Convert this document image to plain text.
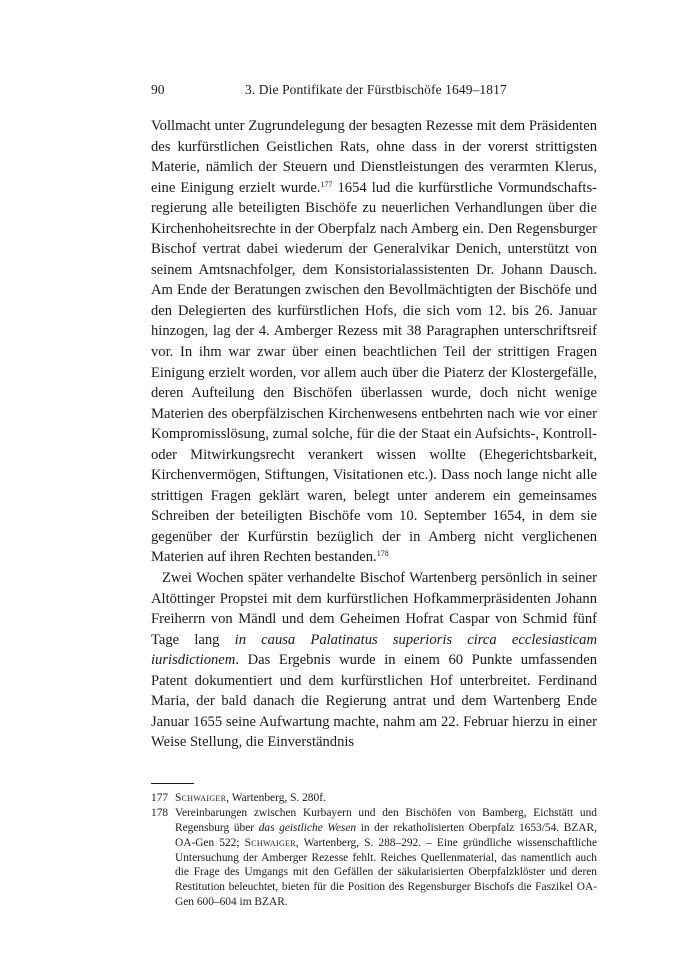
90	3. Die Pontifikate der Fürstbischöfe 1649–1817

Vollmacht unter Zugrundelegung der besagten Rezesse mit dem Präsidenten des kurfürstlichen Geistlichen Rats, ohne dass in der vorerst strittigsten Materie, nämlich der Steuern und Dienstleistungen des verarmten Klerus, eine Einigung erzielt wurde.$^{177}$ 1654 lud die kurfürstliche Vormundschaftsregierung alle beteiligten Bischöfe zu neuerlichen Verhandlungen über die Kirchenhoheitsrechte in der Oberpfalz nach Amberg ein. Den Regensburger Bischof vertrat dabei wiederum der Generalvikar Denich, unterstützt von seinem Amtsnachfolger, dem Konsistorialassistenten Dr. Johann Dausch. Am Ende der Beratungen zwischen den Bevollmächtigten der Bischöfe und den Delegierten des kurfürstlichen Hofs, die sich vom 12. bis 26. Januar hinzogen, lag der 4. Amberger Rezess mit 38 Paragraphen unterschriftsreif vor. In ihm war zwar über einen beachtlichen Teil der strittigen Fragen Einigung erzielt worden, vor allem auch über die Piaterz der Klostergefälle, deren Aufteilung den Bischöfen überlassen wurde, doch nicht wenige Materien des oberpfälzischen Kirchenwesens entbehrten nach wie vor einer Kompromisslösung, zumal solche, für die der Staat ein Aufsichts-, Kontroll- oder Mitwirkungsrecht verankert wissen wollte (Ehegerichtsbarkeit, Kirchenvermögen, Stiftungen, Visitationen etc.). Dass noch lange nicht alle strittigen Fragen geklärt waren, belegt unter anderem ein gemeinsames Schreiben der beteiligten Bischöfe vom 10. September 1654, in dem sie gegenüber der Kurfürstin bezüglich der in Amberg nicht verglichenen Materien auf ihren Rechten bestanden.$^{178}$

Zwei Wochen später verhandelte Bischof Wartenberg persönlich in seiner Altöttinger Propstei mit dem kurfürstlichen Hofkammerpräsidenten Johann Freiherrn von Mändl und dem Geheimen Hofrat Caspar von Schmid fünf Tage lang in causa Palatinatus superioris circa ecclesiasticam iurisdictionem. Das Ergebnis wurde in einem 60 Punkte umfassenden Patent dokumentiert und dem kurfürstlichen Hof unterbreitet. Ferdinand Maria, der bald danach die Regierung antrat und dem Wartenberg Ende Januar 1655 seine Aufwartung machte, nahm am 22. Februar hierzu in einer Weise Stellung, die Einverständnis

177 Schwaiger, Wartenberg, S. 280f.
178 Vereinbarungen zwischen Kurbayern und den Bischöfen von Bamberg, Eichstätt und Regensburg über das geistliche Wesen in der rekatholisierten Oberpfalz 1653/54. BZAR, OA-Gen 522; Schwaiger, Wartenberg, S. 288–292. – Eine gründliche wissenschaftliche Untersuchung der Amberger Rezesse fehlt. Reiches Quellenmaterial, das namentlich auch die Frage des Umgangs mit den Gefällen der säkularisierten Oberpfalzklöster und deren Restitution beleuchtet, bieten für die Position des Regensburger Bischofs die Faszikel OA-Gen 600–604 im BZAR.
